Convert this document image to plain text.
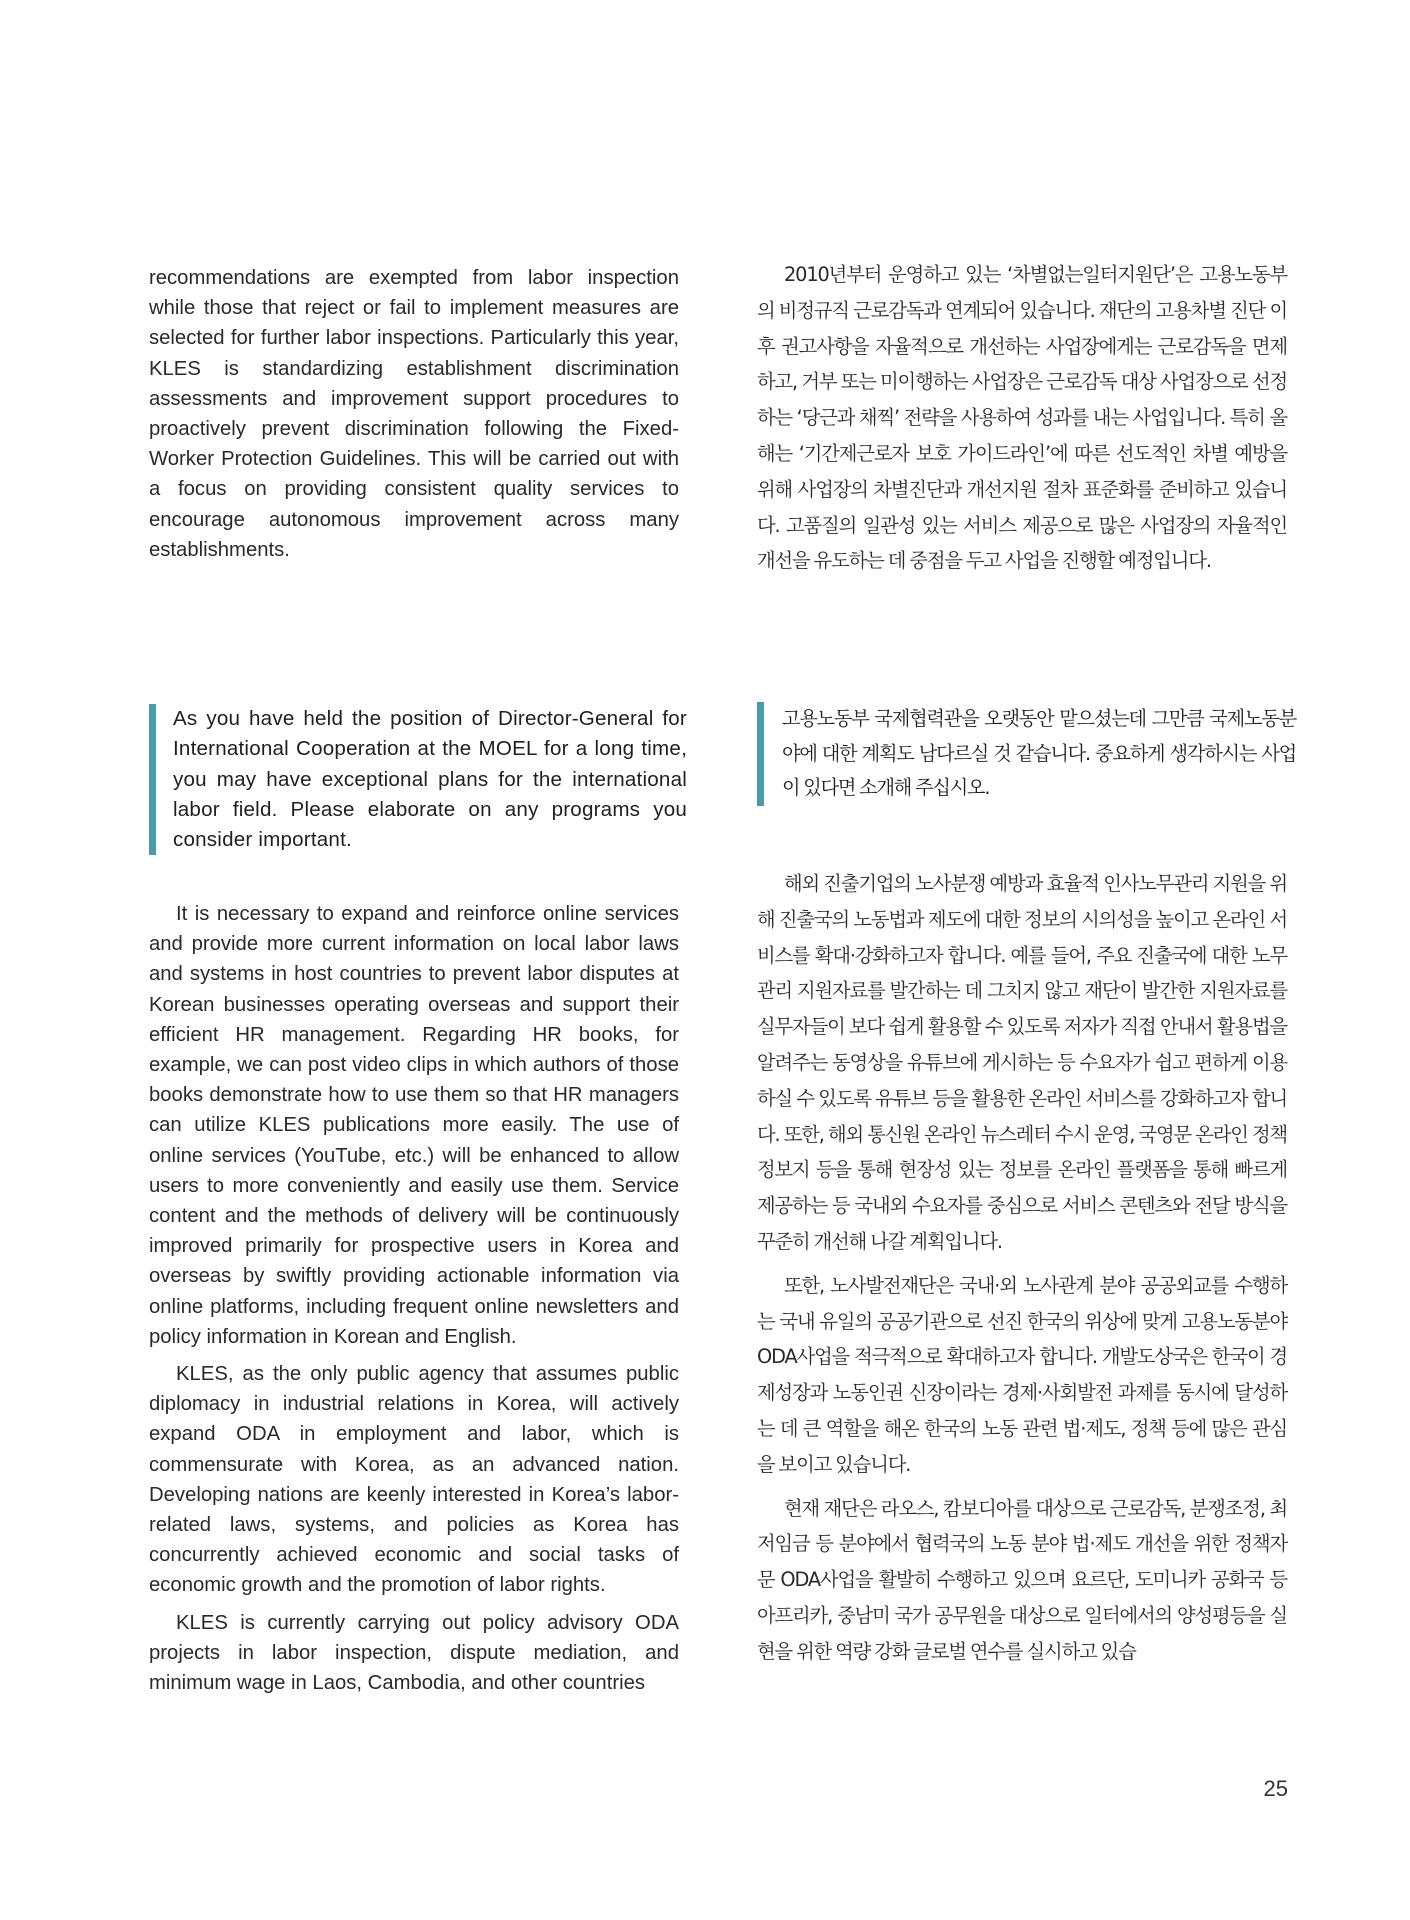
recommendations are exempted from labor inspection while those that reject or fail to implement measures are selected for further labor inspections. Particularly this year, KLES is standardizing establishment discrimination assessments and improvement support procedures to proactively prevent discrimination following the Fixed-Worker Protection Guidelines. This will be carried out with a focus on providing consistent quality services to encourage autonomous improvement across many establishments.

2010년부터 운영하고 있는 ‘차별없는일터지원단’은 고용노동부의 비정규직 근로감독과 연계되어 있습니다. 재단의 고용차별 진단 이후 권고사항을 자율적으로 개선하는 사업장에게는 근로감독을 면제하고, 거부 또는 미이행하는 사업장은 근로감독 대상 사업장으로 선정하는 ‘당근과 채찍’ 전략을 사용하여 성과를 내는 사업입니다. 특히 올해는 ‘기간제근로자 보호 가이드라인’에 따른 선도적인 차별 예방을 위해 사업장의 차별진단과 개선지원 절차 표준화를 준비하고 있습니다. 고품질의 일관성 있는 서비스 제공으로 많은 사업장의 자율적인 개선을 유도하는 데 중점을 두고 사업을 진행할 예정입니다.

As you have held the position of Director-General for International Cooperation at the MOEL for a long time, you may have exceptional plans for the international labor field. Please elaborate on any programs you consider important.

고용노동부 국제협력관을 오랫동안 맡으셨는데 그만큼 국제노동분야에 대한 계획도 남다르실 것 같습니다. 중요하게 생각하시는 사업이 있다면 소개해 주십시오.

It is necessary to expand and reinforce online services and provide more current information on local labor laws and systems in host countries to prevent labor disputes at Korean businesses operating overseas and support their efficient HR management. Regarding HR books, for example, we can post video clips in which authors of those books demonstrate how to use them so that HR managers can utilize KLES publications more easily. The use of online services (YouTube, etc.) will be enhanced to allow users to more conveniently and easily use them. Service content and the methods of delivery will be continuously improved primarily for prospective users in Korea and overseas by swiftly providing actionable information via online platforms, including frequent online newsletters and policy information in Korean and English.

KLES, as the only public agency that assumes public diplomacy in industrial relations in Korea, will actively expand ODA in employment and labor, which is commensurate with Korea, as an advanced nation. Developing nations are keenly interested in Korea’s labor-related laws, systems, and policies as Korea has concurrently achieved economic and social tasks of economic growth and the promotion of labor rights.

KLES is currently carrying out policy advisory ODA projects in labor inspection, dispute mediation, and minimum wage in Laos, Cambodia, and other countries

해외 진출기업의 노사분쟁 예방과 효율적 인사노무관리 지원을 위해 진출국의 노동법과 제도에 대한 정보의 시의성을 높이고 온라인 서비스를 확대·강화하고자 합니다. 예를 들어, 주요 진출국에 대한 노무관리 지원자료를 발간하는 데 그치지 않고 재단이 발간한 지원자료를 실무자들이 보다 쉽게 활용할 수 있도록 저자가 직접 안내서 활용법을 알려주는 동영상을 유튜브에 게시하는 등 수요자가 쉽고 편하게 이용하실 수 있도록 유튜브 등을 활용한 온라인 서비스를 강화하고자 합니다. 또한, 해외 통신원 온라인 뉴스레터 수시 운영, 국영문 온라인 정책정보지 등을 통해 현장성 있는 정보를 온라인 플랫폼을 통해 빠르게 제공하는 등 국내외 수요자를 중심으로 서비스 콘텐츠와 전달 방식을 꾸준히 개선해 나갈 계획입니다.

또한, 노사발전재단은 국내·외 노사관계 분야 공공외교를 수행하는 국내 유일의 공공기관으로 선진 한국의 위상에 맞게 고용노동분야 ODA사업을 적극적으로 확대하고자 합니다. 개발도상국은 한국이 경제성장과 노동인권 신장이라는 경제·사회발전 과제를 동시에 달성하는 데 큰 역할을 해온 한국의 노동 관련 법·제도, 정책 등에 많은 관심을 보이고 있습니다.

현재 재단은 라오스, 캄보디아를 대상으로 근로감독, 분쟁조정, 최저임금 등 분야에서 협력국의 노동 분야 법·제도 개선을 위한 정책자문 ODA사업을 활발히 수행하고 있으며 요르단, 도미니카 공화국 등 아프리카, 중남미 국가 공무원을 대상으로 일터에서의 양성평등을 실현을 위한 역량 강화 글로벌 연수를 실시하고 있습

25
